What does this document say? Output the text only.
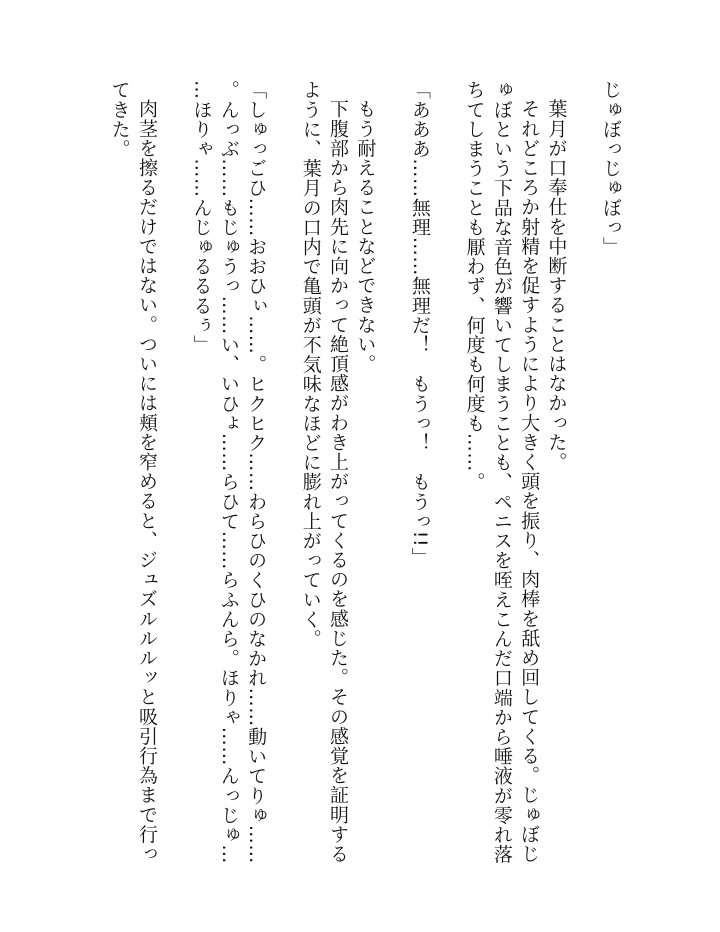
じゅぼっじゅぼっ」

葉月が口奉仕を中断することはなかった。

それどころか射精を促すようにより大きく頭を振り、肉棒を舐め回してくる。じゅぼじゅぼという下品な音色が響いてしまうことも、ペニスを咥えこんだ口端から唾液が零れ落ちてしまうことも厭わず、何度も何度も……。

「あああ……無理……無理だ！　もうっ！　もうっ!!」

もう耐えることなどできない。

下腹部から肉先に向かって絶頂感がわき上がってくるのを感じた。その感覚を証明するように、葉月の口内で亀頭が不気味なほどに膨れ上がっていく。

「しゅっごひ……おおひぃ……。ヒクヒク……わらひのくひのなかれ……動いてりゅ……。んっぶ……もじゅうっ……い、いひょ……らひて……らふんら。ほりゃ……んっじゅ……ほりゃ……んじゅるるるぅ」

肉茎を擦るだけではない。ついには頬を窄めると、ジュズルルルッと吸引行為まで行ってきた。
